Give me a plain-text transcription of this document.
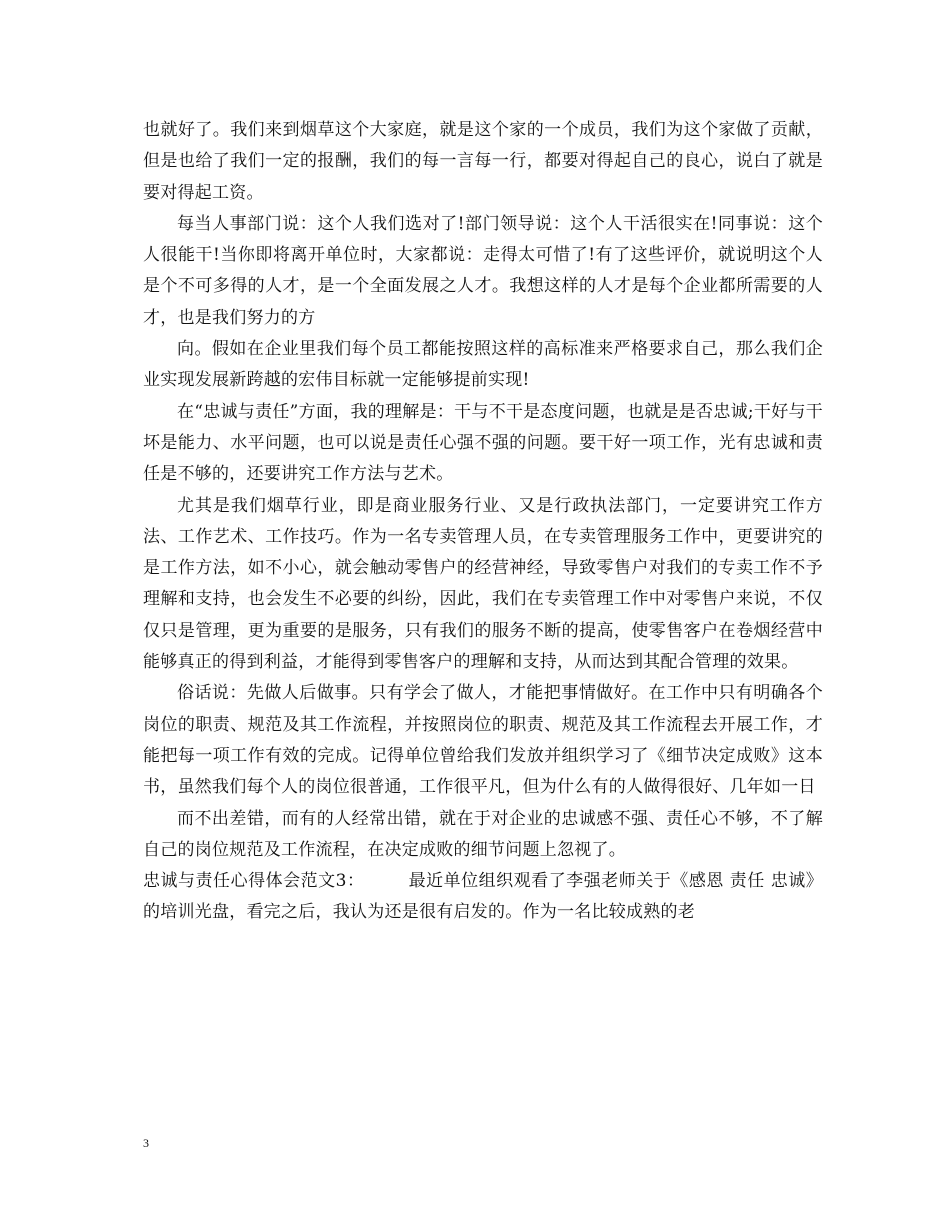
也就好了。我们来到烟草这个大家庭，就是这个家的一个成员，我们为这个家做了贡献，但是也给了我们一定的报酬，我们的每一言每一行，都要对得起自己的良心，说白了就是要对得起工资。

每当人事部门说：这个人我们选对了!部门领导说：这个人干活很实在!同事说：这个人很能干!当你即将离开单位时，大家都说：走得太可惜了!有了这些评价，就说明这个人是个不可多得的人才，是一个全面发展之人才。我想这样的人才是每个企业都所需要的人才，也是我们努力的方

向。假如在企业里我们每个员工都能按照这样的高标准来严格要求自己，那么我们企业实现发展新跨越的宏伟目标就一定能够提前实现!

在“忠诚与责任”方面，我的理解是：干与不干是态度问题，也就是是否忠诚;干好与干坏是能力、水平问题，也可以说是责任心强不强的问题。要干好一项工作，光有忠诚和责任是不够的，还要讲究工作方法与艺术。

尤其是我们烟草行业，即是商业服务行业、又是行政执法部门，一定要讲究工作方法、工作艺术、工作技巧。作为一名专卖管理人员，在专卖管理服务工作中，更要讲究的是工作方法，如不小心，就会触动零售户的经营神经，导致零售户对我们的专卖工作不予理解和支持，也会发生不必要的纠纷，因此，我们在专卖管理工作中对零售户来说，不仅仅只是管理，更为重要的是服务，只有我们的服务不断的提高，使零售客户在卷烟经营中能够真正的得到利益，才能得到零售客户的理解和支持，从而达到其配合管理的效果。

俗话说：先做人后做事。只有学会了做人，才能把事情做好。在工作中只有明确各个岗位的职责、规范及其工作流程，并按照岗位的职责、规范及其工作流程去开展工作，才能把每一项工作有效的完成。记得单位曾给我们发放并组织学习了《细节决定成败》这本书，虽然我们每个人的岗位很普通，工作很平凡，但为什么有的人做得很好、几年如一日

而不出差错，而有的人经常出错，就在于对企业的忠诚感不强、责任心不够，不了解自己的岗位规范及工作流程，在决定成败的细节问题上忽视了。

忠诚与责任心得体会范文3：　　　最近单位组织观看了李强老师关于《感恩 责任 忠诚》的培训光盘，看完之后，我认为还是很有启发的。作为一名比较成熟的老

3
